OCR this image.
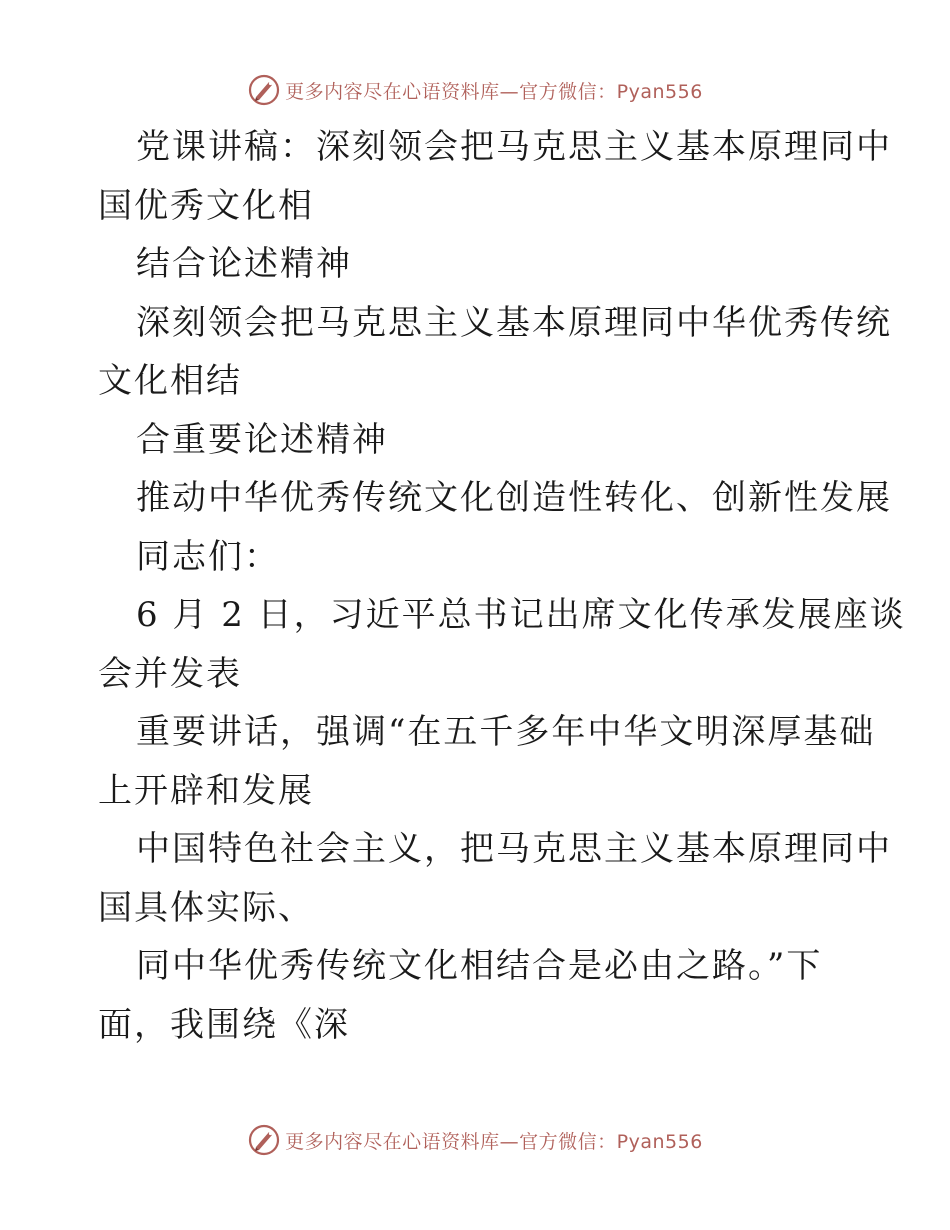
更多内容尽在心语资料库—官方微信：Pyan556

党课讲稿：深刻领会把马克思主义基本原理同中

国优秀文化相

结合论述精神

深刻领会把马克思主义基本原理同中华优秀传统

文化相结

合重要论述精神

推动中华优秀传统文化创造性转化、创新性发展

同志们：

6 月 2 日，习近平总书记出席文化传承发展座谈

会并发表

重要讲话，强调“在五千多年中华文明深厚基础

上开辟和发展

中国特色社会主义，把马克思主义基本原理同中

国具体实际、

同中华优秀传统文化相结合是必由之路。”下

面，我围绕《深

更多内容尽在心语资料库—官方微信：Pyan556
